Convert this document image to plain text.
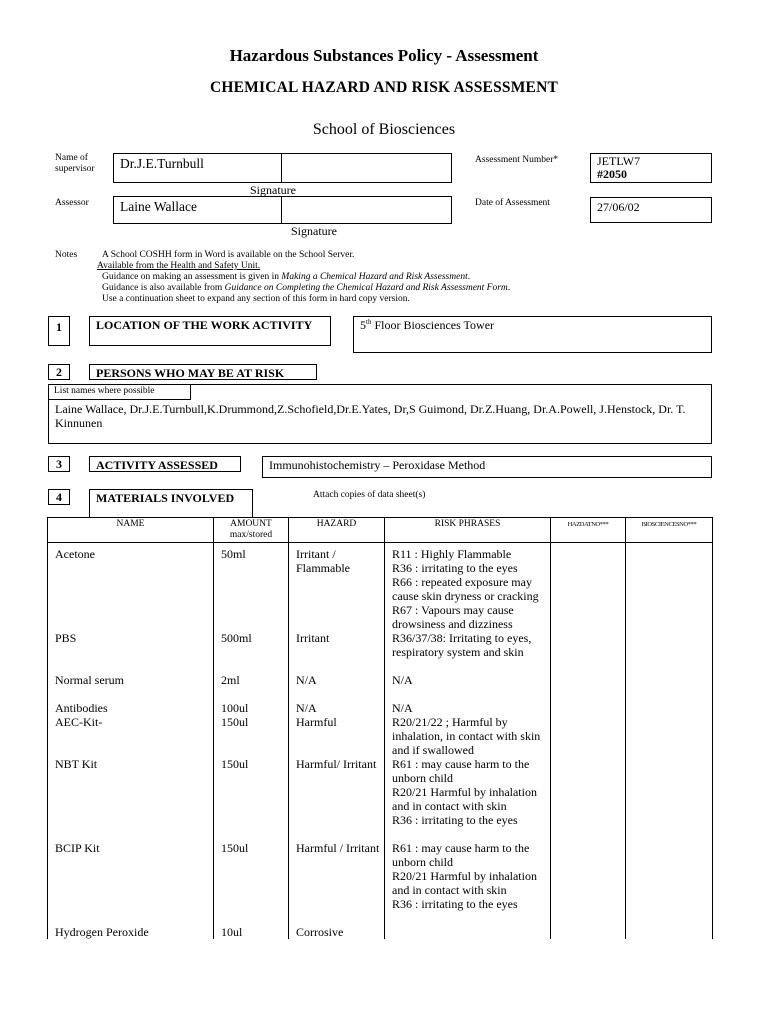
Hazardous Substances Policy - Assessment
CHEMICAL HAZARD AND RISK ASSESSMENT
School of Biosciences
Name of supervisor	Dr.J.E.Turnbull
Signature
Assessor	Laine Wallace
Signature
Assessment Number*	JETLW7
#2050
Date of Assessment	27/06/02
Notes	A School COSHH form in Word is available on the School Server.
Available from the Health and Safety Unit.
Guidance on making an assessment is given in Making a Chemical Hazard and Risk Assessment.
Guidance is also available from Guidance on Completing the Chemical Hazard and Risk Assessment Form.
Use a continuation sheet to expand any section of this form in hard copy version.
1	LOCATION OF THE WORK ACTIVITY	5th Floor Biosciences Tower
2	PERSONS WHO MAY BE AT RISK
List names where possible
Laine Wallace, Dr.J.E.Turnbull,K.Drummond,Z.Schofield,Dr.E.Yates, Dr,S Guimond, Dr.Z.Huang, Dr.A.Powell, J.Henstock, Dr. T. Kinnunen
3	ACTIVITY ASSESSED	Immunohistochemistry – Peroxidase Method
4	MATERIALS INVOLVED	Attach copies of data sheet(s)
NAME	AMOUNT max/stored	HAZARD	RISK PHRASES	HAZDATNO***	BIOSCIENCESNO***
Acetone	50ml	Irritant / Flammable	R11 : Highly Flammable
R36 : irritating to the eyes
R66 : repeated exposure may cause skin dryness or cracking
R67 : Vapours may cause drowsiness and dizziness		

PBS	500ml	Irritant	R36/37/38: Irritating to eyes, respiratory system and skin		

Normal serum	2ml	N/A	N/A		

Antibodies	100ul	N/A	N/A		

AEC-Kit-	150ul	Harmful	R20/21/22 ; Harmful by inhalation, in contact with skin and if swallowed		

NBT Kit	150ul	Harmful/ Irritant	R61 : may cause harm to the unborn child
R20/21 Harmful by inhalation and in contact with skin
R36 : irritating to the eyes		

BCIP Kit	150ul	Harmful / Irritant	R61 : may cause harm to the unborn child
R20/21 Harmful by inhalation and in contact with skin
R36 : irritating to the eyes		

Hydrogen Peroxide	10ul	Corrosive			
